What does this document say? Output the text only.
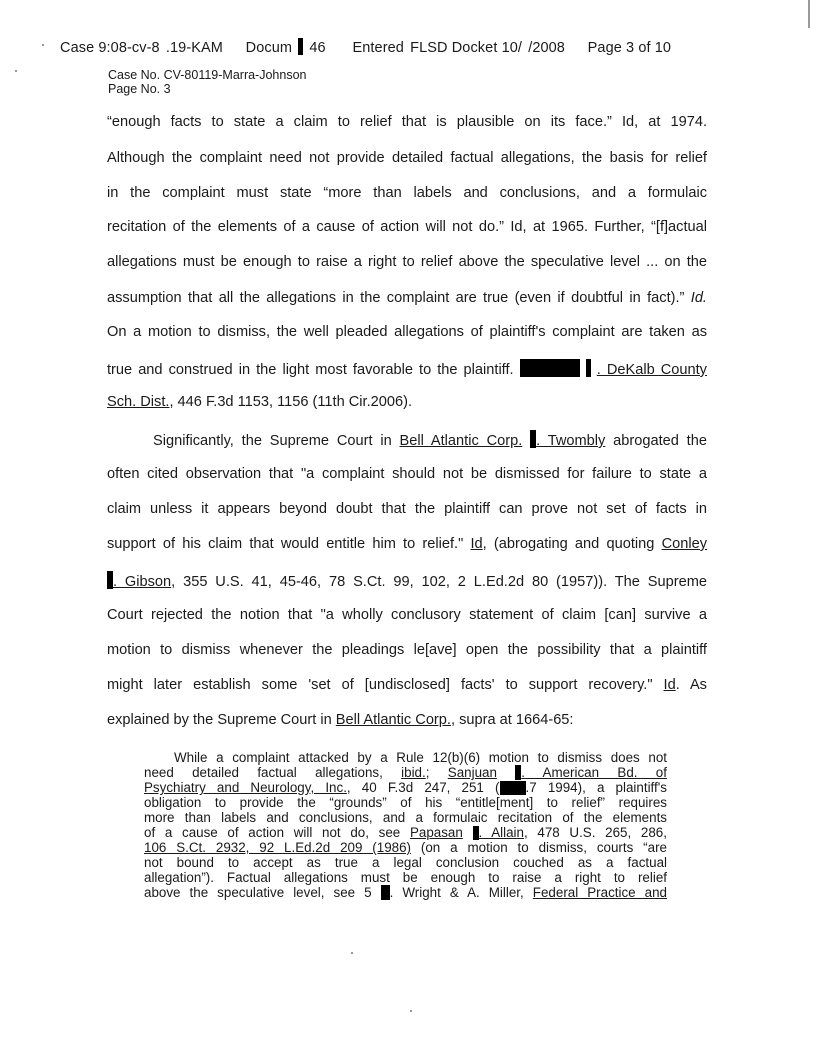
Case 9:08-cv-8 .19-KAM Docum 46 Entered FLSD Docket 10/ /2008 Page 3 of 10
Case No. CV-80119-Marra-Johnson
Page No. 3
“enough facts to state a claim to relief that is plausible on its face.” Id, at 1974.
Although the complaint need not provide detailed factual allegations, the basis for relief
in the complaint must state “more than labels and conclusions, and a formulaic
recitation of the elements of a cause of action will not do.” Id, at 1965. Further, “[f]actual
allegations must be enough to raise a right to relief above the speculative level ... on the
assumption that all the allegations in the complaint are true (even if doubtful in fact).” Id.
On a motion to dismiss, the well pleaded allegations of plaintiff's complaint are taken as
true and construed in the light most favorable to the plaintiff.	. DeKalb County
Sch. Dist., 446 F.3d 1153, 1156 (11th Cir.2006).
Significantly, the Supreme Court in Bell Atlantic Corp. . Twombly abrogated the
often cited observation that "a complaint should not be dismissed for failure to state a
claim unless it appears beyond doubt that the plaintiff can prove not set of facts in
support of his claim that would entitle him to relief." Id, (abrogating and quoting Conley
. Gibson, 355 U.S. 41, 45-46, 78 S.Ct. 99, 102, 2 L.Ed.2d 80 (1957)). The Supreme
Court rejected the notion that "a wholly conclusory statement of claim [can] survive a
motion to dismiss whenever the pleadings le[ave] open the possibility that a plaintiff
might later establish some 'set of [undisclosed] facts' to support recovery." Id. As
explained by the Supreme Court in Bell Atlantic Corp., supra at 1664-65:
While a complaint attacked by a Rule 12(b)(6) motion to dismiss does not
need detailed factual allegations, ibid.; Sanjuan . American Bd. of
Psychiatry and Neurology, Inc., 40 F.3d 247, 251 ( .7 1994), a plaintiff's
obligation to provide the “grounds” of his “entitle[ment] to relief” requires
more than labels and conclusions, and a formulaic recitation of the elements
of a cause of action will not do, see Papasan . Allain, 478 U.S. 265, 286,
106 S.Ct. 2932, 92 L.Ed.2d 209 (1986) (on a motion to dismiss, courts “are
not bound to accept as true a legal conclusion couched as a factual
allegation”). Factual allegations must be enough to raise a right to relief
above the speculative level, see 5 . Wright & A. Miller, Federal Practice and
